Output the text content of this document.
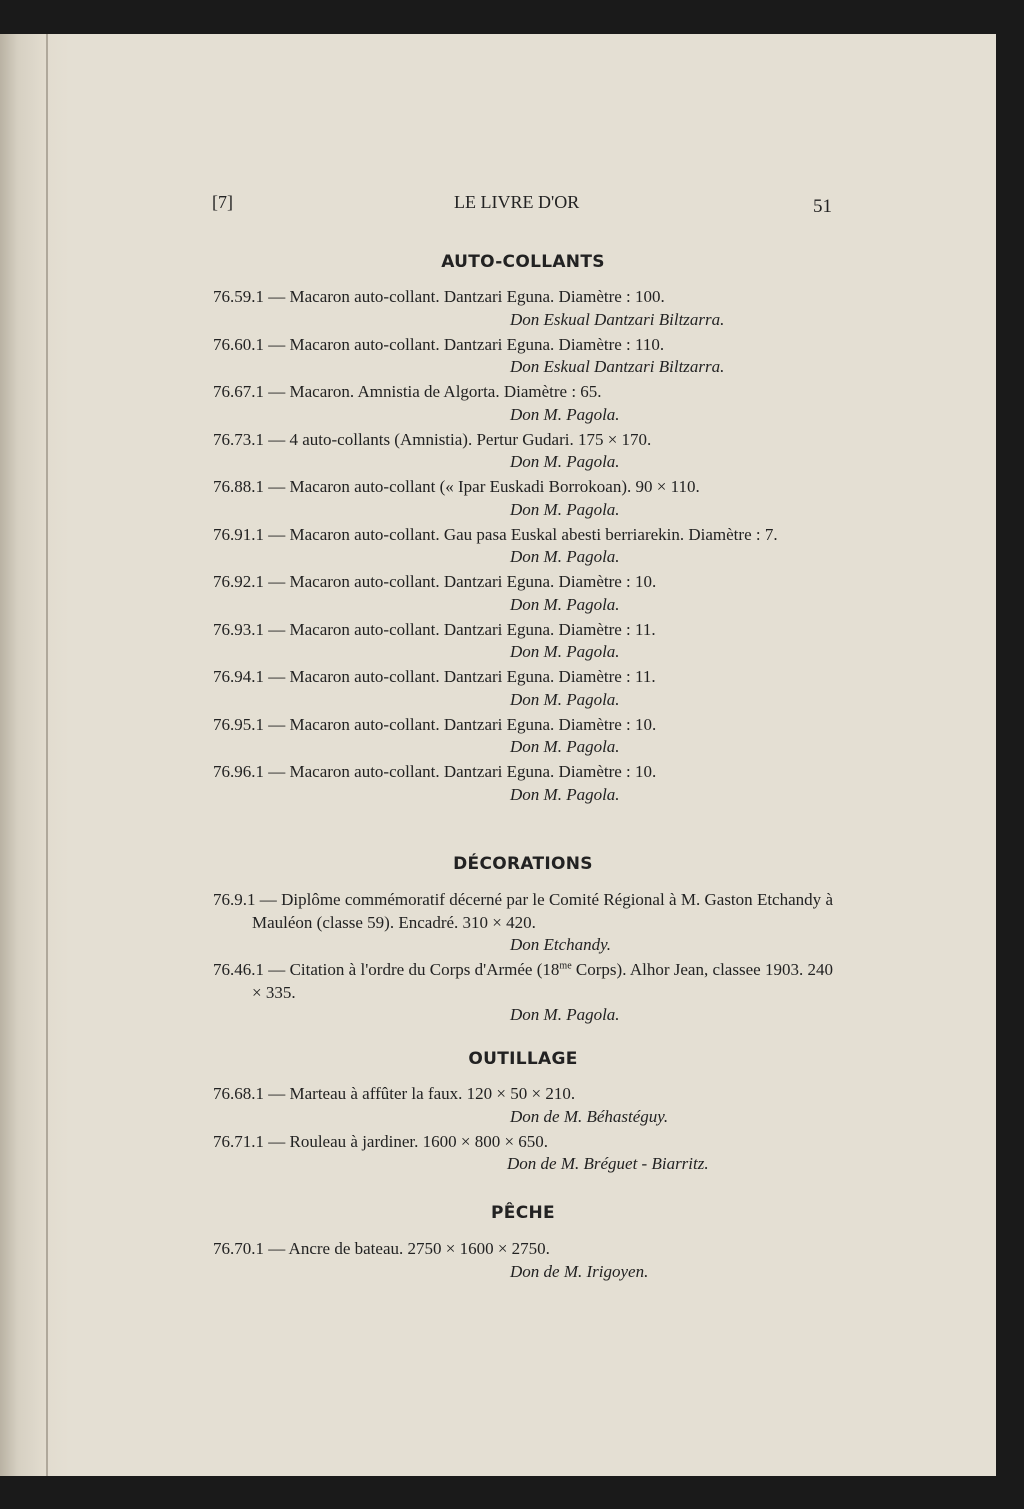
[7]	LE LIVRE D'OR	51
AUTO-COLLANTS
76.59.1 — Macaron auto-collant. Dantzari Eguna. Diamètre : 100.
Don Eskual Dantzari Biltzarra.
76.60.1 — Macaron auto-collant. Dantzari Eguna. Diamètre : 110.
Don Eskual Dantzari Biltzarra.
76.67.1 — Macaron. Amnistia de Algorta. Diamètre : 65.
Don M. Pagola.
76.73.1 — 4 auto-collants (Amnistia). Pertur Gudari. 175 × 170.
Don M. Pagola.
76.88.1 — Macaron auto-collant (« Ipar Euskadi Borrokoan). 90 × 110.
Don M. Pagola.
76.91.1 — Macaron auto-collant. Gau pasa Euskal abesti berriarekin. Diamètre : 7.
Don M. Pagola.
76.92.1 — Macaron auto-collant. Dantzari Eguna. Diamètre : 10.
Don M. Pagola.
76.93.1 — Macaron auto-collant. Dantzari Eguna. Diamètre : 11.
Don M. Pagola.
76.94.1 — Macaron auto-collant. Dantzari Eguna. Diamètre : 11.
Don M. Pagola.
76.95.1 — Macaron auto-collant. Dantzari Eguna. Diamètre : 10.
Don M. Pagola.
76.96.1 — Macaron auto-collant. Dantzari Eguna. Diamètre : 10.
Don M. Pagola.
DÉCORATIONS
76.9.1 — Diplôme commémoratif décerné par le Comité Régional à M. Gaston Etchandy à Mauléon (classe 59). Encadré. 310 × 420.
Don Etchandy.
76.46.1 — Citation à l'ordre du Corps d'Armée ($18^{me}$ Corps). Alhor Jean, classee 1903. 240 × 335.
Don M. Pagola.
OUTILLAGE
76.68.1 — Marteau à affûter la faux. 120 × 50 × 210.
Don de M. Béhastéguy.
76.71.1 — Rouleau à jardiner. 1600 × 800 × 650.
Don de M. Bréguet - Biarritz.
PÊCHE
76.70.1 — Ancre de bateau. 2750 × 1600 × 2750.
Don de M. Irigoyen.
